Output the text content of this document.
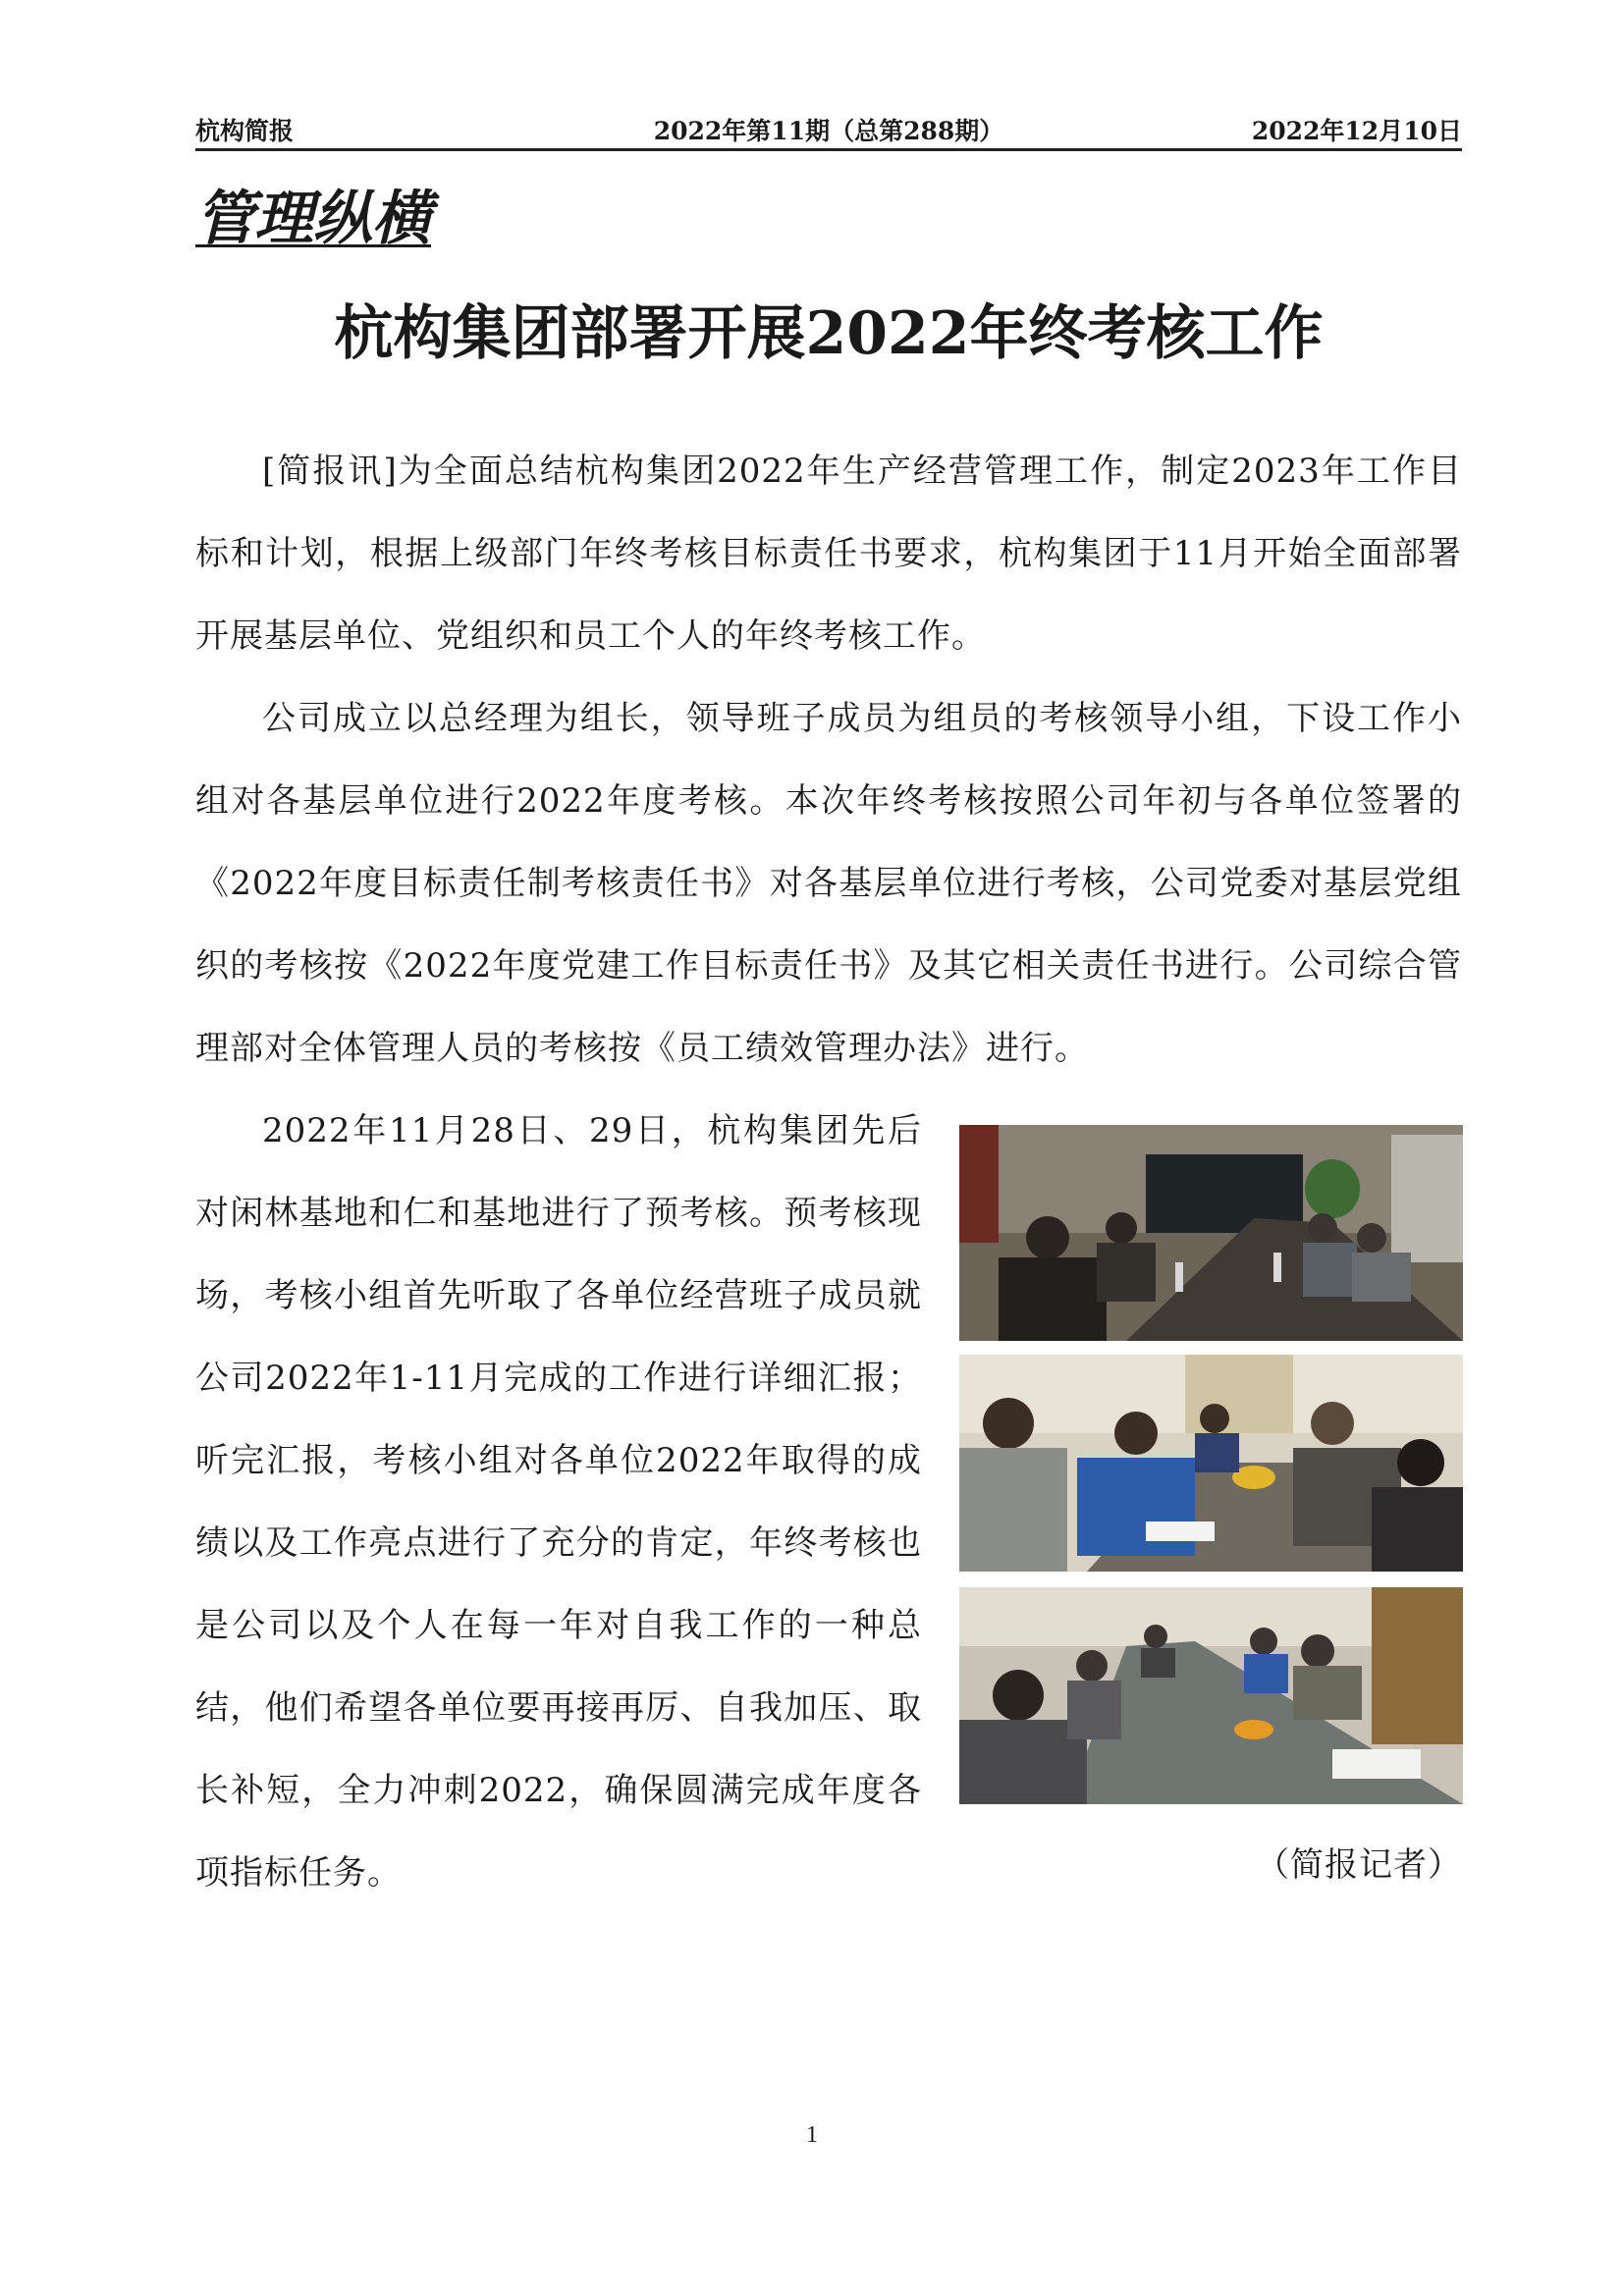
杭构简报	2022年第11期（总第288期）	2022年12月10日
管理纵横
杭构集团部署开展2022年终考核工作

[简报讯]为全面总结杭构集团2022年生产经营管理工作，制定2023年工作目标和计划，根据上级部门年终考核目标责任书要求，杭构集团于11月开始全面部署开展基层单位、党组织和员工个人的年终考核工作。

公司成立以总经理为组长，领导班子成员为组员的考核领导小组，下设工作小组对各基层单位进行2022年度考核。本次年终考核按照公司年初与各单位签署的《2022年度目标责任制考核责任书》对各基层单位进行考核，公司党委对基层党组织的考核按《2022年度党建工作目标责任书》及其它相关责任书进行。公司综合管理部对全体管理人员的考核按《员工绩效管理办法》进行。

2022年11月28日、29日，杭构集团先后对闲林基地和仁和基地进行了预考核。预考核现场，考核小组首先听取了各单位经营班子成员就公司2022年1-11月完成的工作进行详细汇报；听完汇报，考核小组对各单位2022年取得的成绩以及工作亮点进行了充分的肯定，年终考核也是公司以及个人在每一年对自我工作的一种总结，他们希望各单位要再接再厉、自我加压、取长补短，全力冲刺2022，确保圆满完成年度各项指标任务。	（简报记者）
1
